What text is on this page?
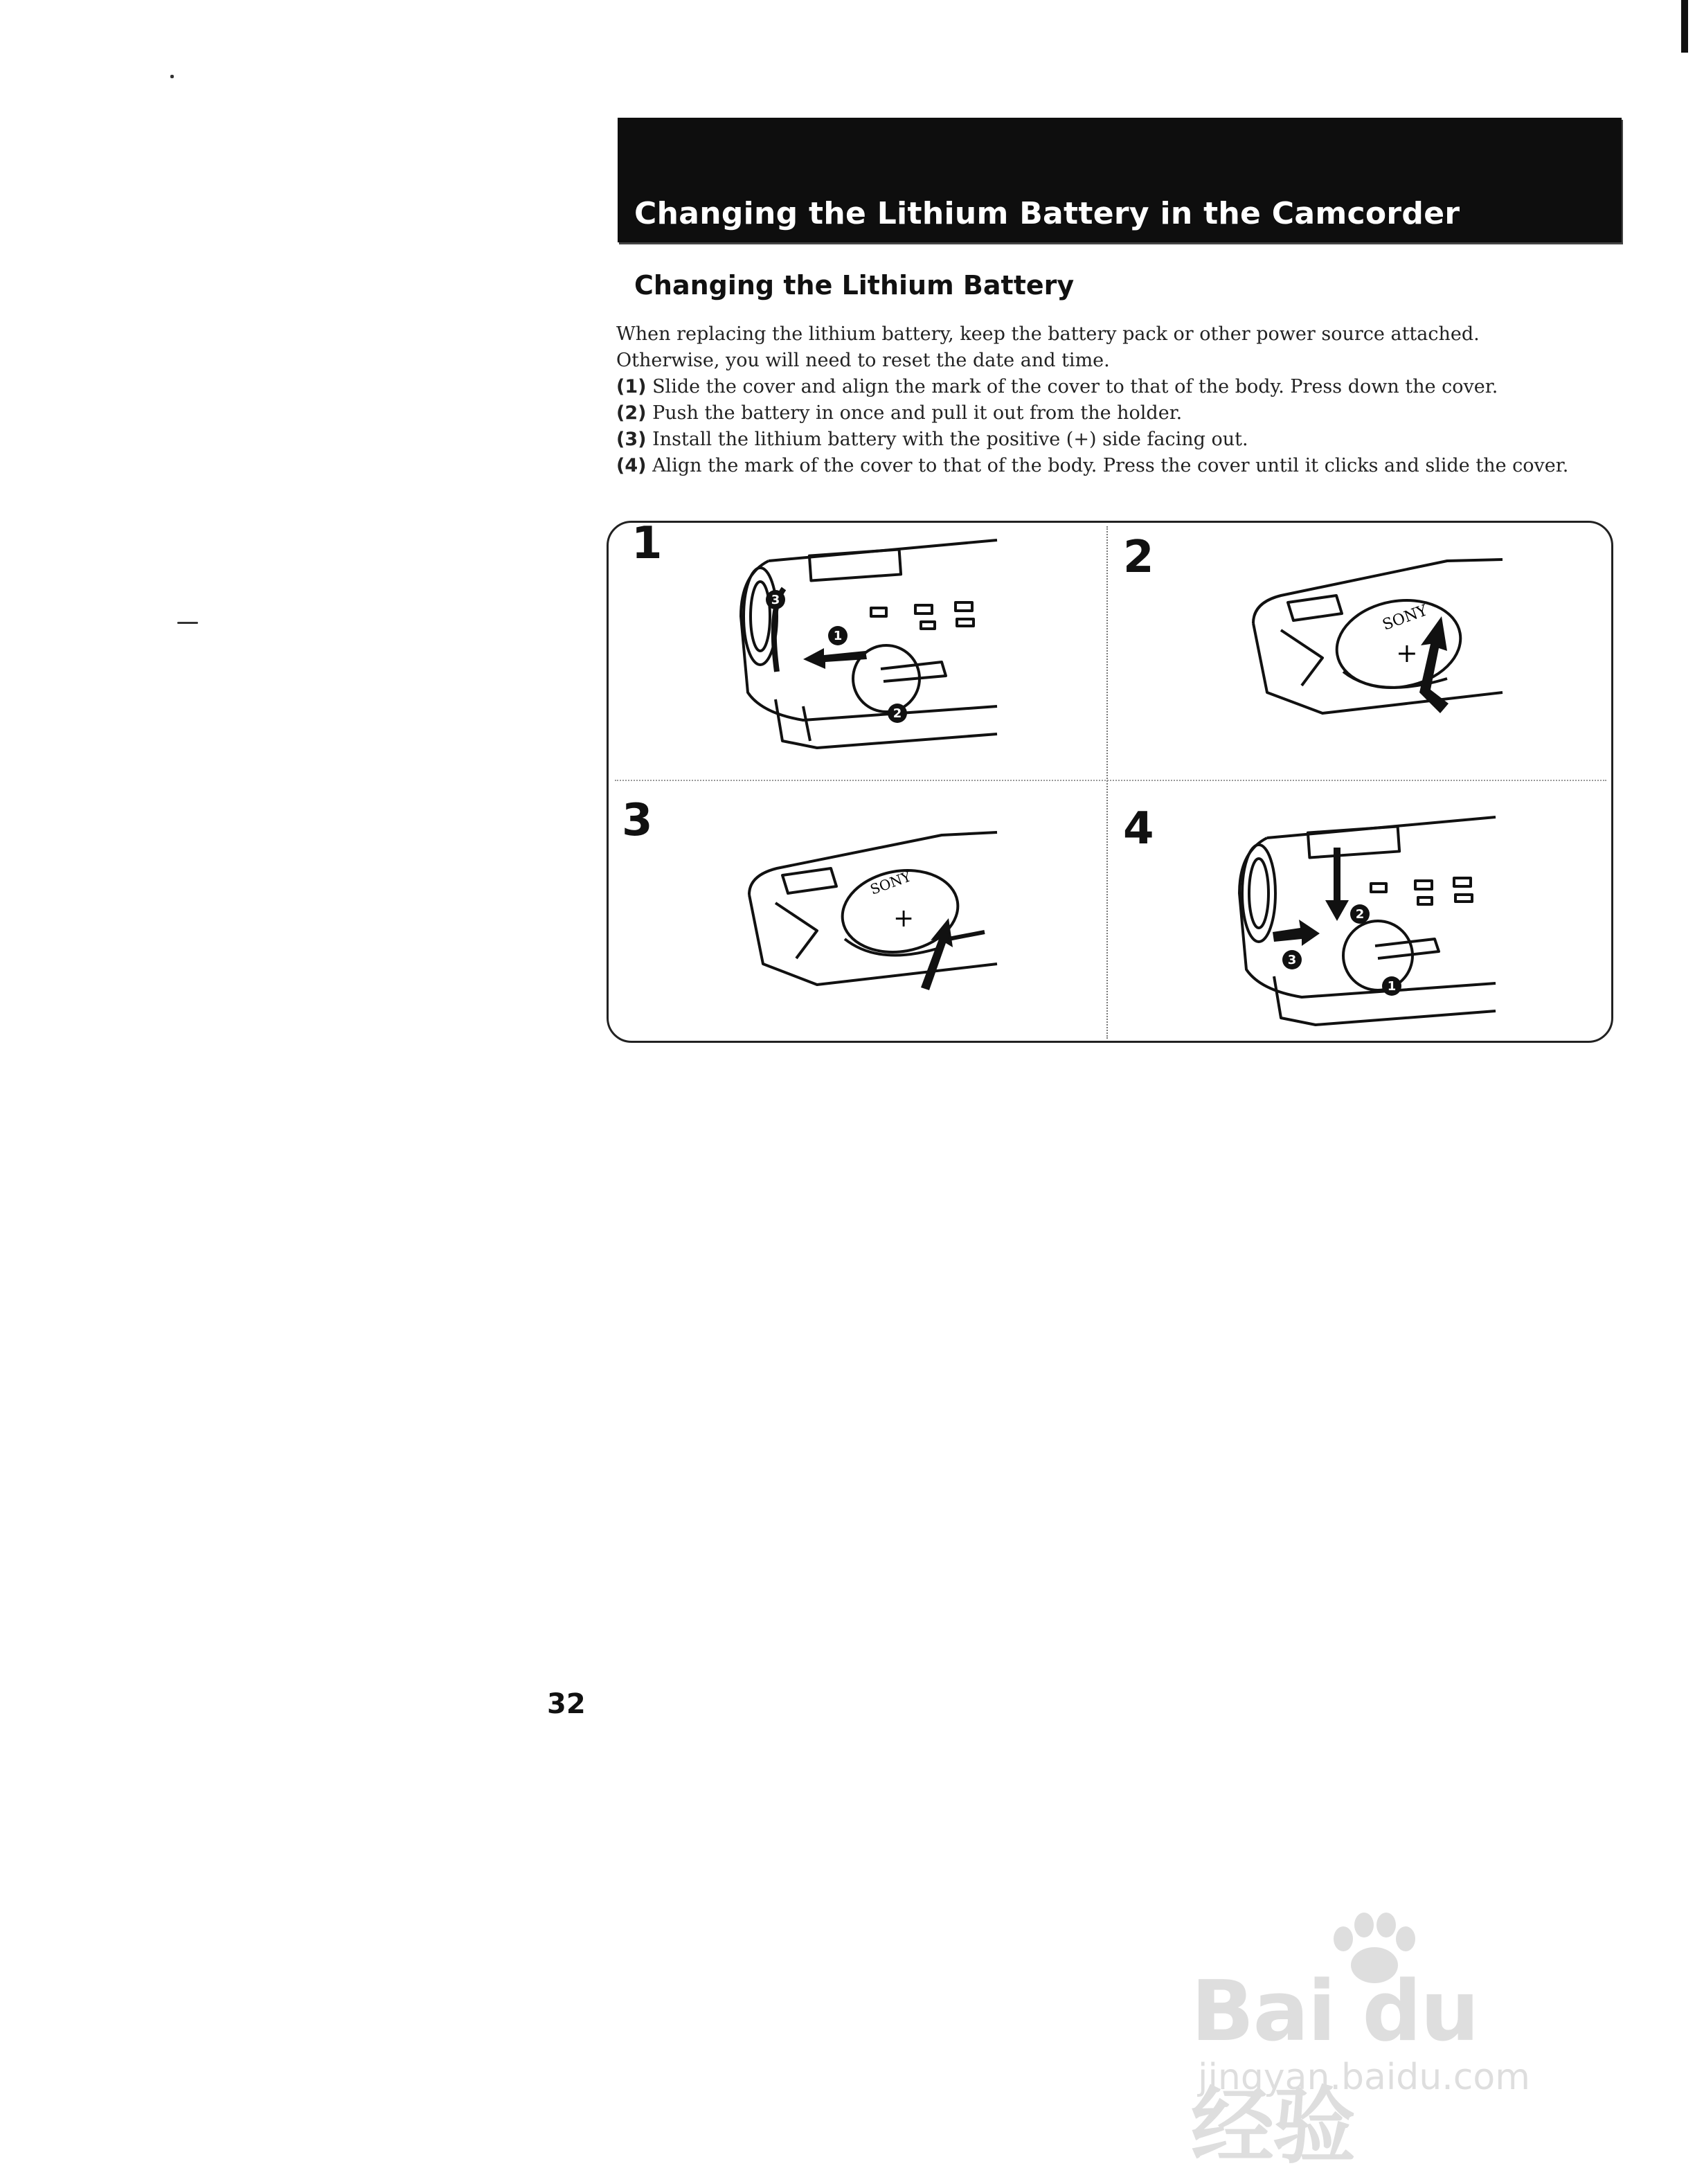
Changing the Lithium Battery in the Camcorder
Changing the Lithium Battery

When replacing the lithium battery, keep the battery pack or other power source attached.

Otherwise, you will need to reset the date and time.

(1) Slide the cover and align the mark of the cover to that of the body. Press down the cover.

(2) Push the battery in once and pull it out from the holder.

(3) Install the lithium battery with the positive (+) side facing out.

(4) Align the mark of the cover to that of the body. Press the cover until it clicks and slide the cover.

1	2
3	4
3
1
2
SONY
+
SONY
+	2
3
1
32
Bai du 经验
jingyan.baidu.com
